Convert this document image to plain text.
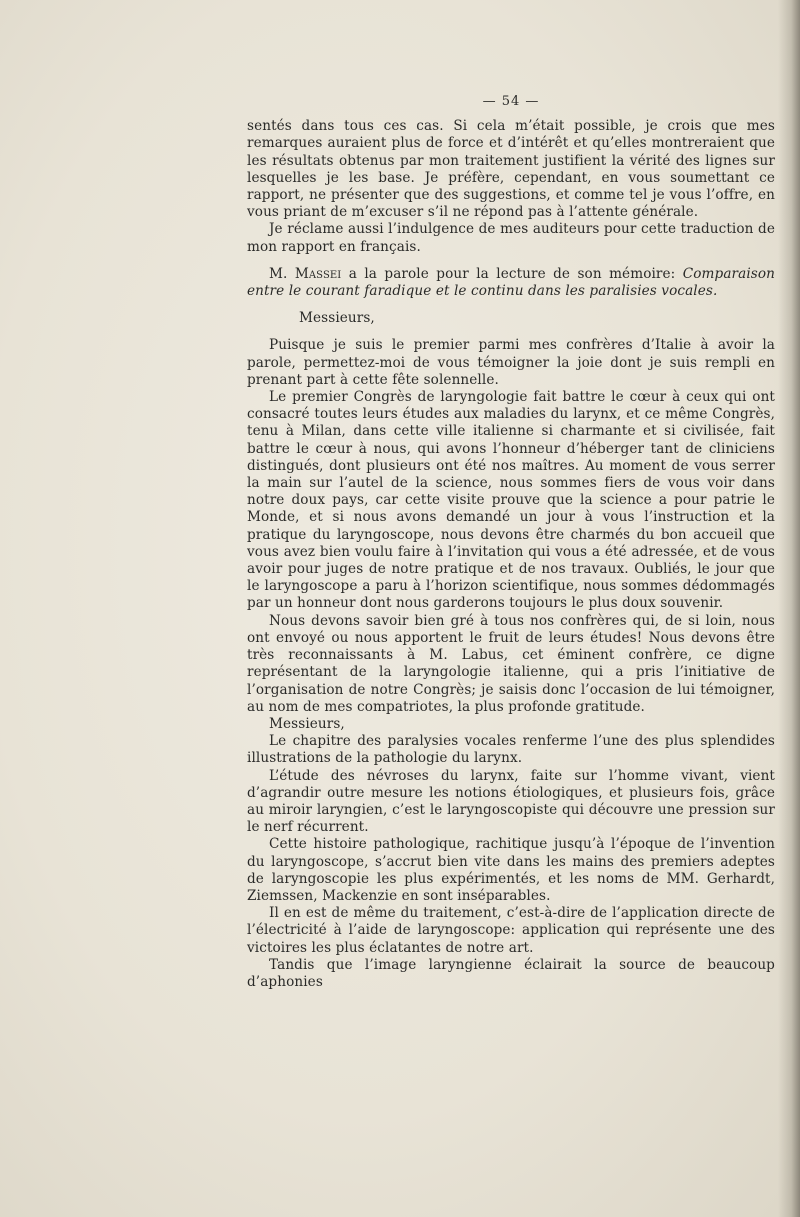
— 54 —

sentés dans tous ces cas. Si cela m’était possible, je crois que mes remarques auraient plus de force et d’intérêt et qu’elles montreraient que les résultats obtenus par mon traitement justifient la vérité des lignes sur lesquelles je les base. Je préfère, cependant, en vous soumettant ce rapport, ne présenter que des suggestions, et comme tel je vous l’offre, en vous priant de m’excuser s’il ne répond pas à l’attente générale.

Je réclame aussi l’indulgence de mes auditeurs pour cette traduction de mon rapport en français.

M. Massei a la parole pour la lecture de son mémoire: Comparaison entre le courant faradique et le continu dans les paralisies vocales.

Messieurs,

Puisque je suis le premier parmi mes confrères d’Italie à avoir la parole, permettez-moi de vous témoigner la joie dont je suis rempli en prenant part à cette fête solennelle.

Le premier Congrès de laryngologie fait battre le cœur à ceux qui ont consacré toutes leurs études aux maladies du larynx, et ce même Congrès, tenu à Milan, dans cette ville italienne si charmante et si civilisée, fait battre le cœur à nous, qui avons l’honneur d’héberger tant de cliniciens distingués, dont plusieurs ont été nos maîtres. Au moment de vous serrer la main sur l’autel de la science, nous sommes fiers de vous voir dans notre doux pays, car cette visite prouve que la science a pour patrie le Monde, et si nous avons demandé un jour à vous l’instruction et la pratique du laryngoscope, nous devons être charmés du bon accueil que vous avez bien voulu faire à l’invitation qui vous a été adressée, et de vous avoir pour juges de notre pratique et de nos travaux. Oubliés, le jour que le laryngoscope a paru à l’horizon scientifique, nous sommes dédommagés par un honneur dont nous garderons toujours le plus doux souvenir.

Nous devons savoir bien gré à tous nos confrères qui, de si loin, nous ont envoyé ou nous apportent le fruit de leurs études! Nous devons être très reconnaissants à M. Labus, cet éminent confrère, ce digne représentant de la laryngologie italienne, qui a pris l’initiative de l’organisation de notre Congrès; je saisis donc l’occasion de lui témoigner, au nom de mes compatriotes, la plus profonde gratitude.

Messieurs,

Le chapitre des paralysies vocales renferme l’une des plus splendides illustrations de la pathologie du larynx.

L’étude des névroses du larynx, faite sur l’homme vivant, vient d’agrandir outre mesure les notions étiologiques, et plusieurs fois, grâce au miroir laryngien, c’est le laryngoscopiste qui découvre une pression sur le nerf récurrent.

Cette histoire pathologique, rachitique jusqu’à l’époque de l’invention du laryngoscope, s’accrut bien vite dans les mains des premiers adeptes de laryngoscopie les plus expérimentés, et les noms de MM. Gerhardt, Ziemssen, Mackenzie en sont inséparables.

Il en est de même du traitement, c’est-à-dire de l’application directe de l’électricité à l’aide de laryngoscope: application qui représente une des victoires les plus éclatantes de notre art.

Tandis que l’image laryngienne éclairait la source de beaucoup d’aphonies
